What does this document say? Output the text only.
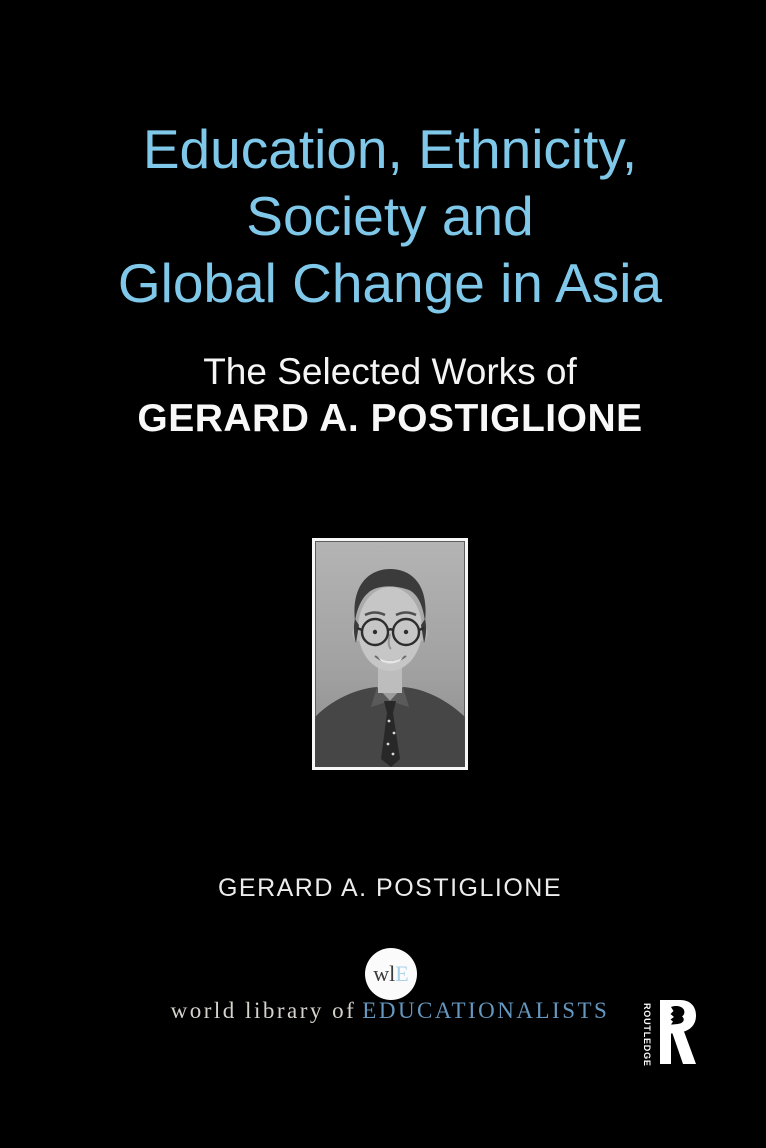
Education, Ethnicity,
Society and
Global Change in Asia
The Selected Works of
GERARD A. POSTIGLIONE
GERARD A. POSTIGLIONE
wl E
world library of EDUCATIONALISTS	ROUTLEDGE
